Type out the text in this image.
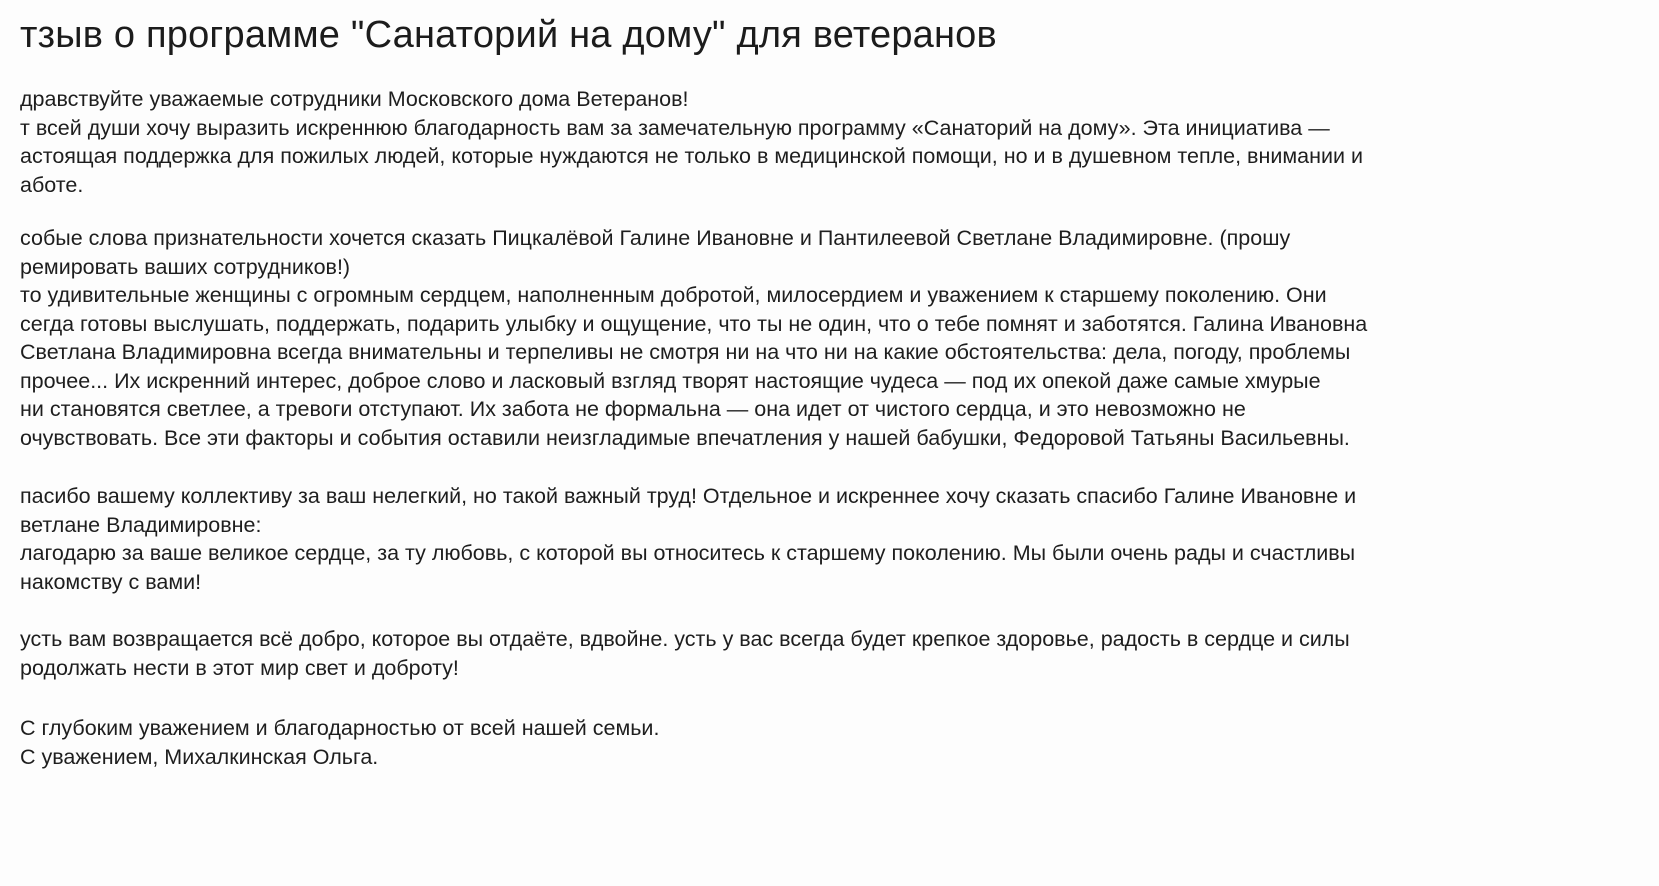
тзыв о программе "Санаторий на дому" для ветеранов
дравствуйте уважаемые сотрудники Московского дома Ветеранов!
т всей души хочу выразить искреннюю благодарность вам за замечательную программу «Санаторий на дому». Эта инициатива —
астоящая поддержка для пожилых людей, которые нуждаются не только в медицинской помощи, но и в душевном тепле, внимании и
аботе.
собые слова признательности хочется сказать Пицкалёвой Галине Ивановне и Пантилеевой Светлане Владимировне. (прошу
ремировать ваших сотрудников!)
то удивительные женщины с огромным сердцем, наполненным добротой, милосердием и уважением к старшему поколению. Они
сегда готовы выслушать, поддержать, подарить улыбку и ощущение, что ты не один, что о тебе помнят и заботятся. Галина Ивановна
Светлана Владимировна всегда внимательны и терпеливы не смотря ни на что ни на какие обстоятельства: дела, погоду, проблемы
прочее... Их искренний интерес, доброе слово и ласковый взгляд творят настоящие чудеса — под их опекой даже самые хмурые
ни становятся светлее, а тревоги отступают. Их забота не формальна — она идет от чистого сердца, и это невозможно не
очувствовать. Все эти факторы и события оставили неизгладимые впечатления у нашей бабушки, Федоровой Татьяны Васильевны.
пасибо вашему коллективу за ваш нелегкий, но такой важный труд! Отдельное и искреннее хочу сказать спасибо Галине Ивановне и
ветлане Владимировне:
лагодарю за ваше великое сердце, за ту любовь, с которой вы относитесь к старшему поколению. Мы были очень рады и счастливы
накомству с вами!
усть вам возвращается всё добро, которое вы отдаёте, вдвойне. усть у вас всегда будет крепкое здоровье, радость в сердце и силы
родолжать нести в этот мир свет и доброту!
С глубоким уважением и благодарностью от всей нашей семьи.
С уважением, Михалкинская Ольга.
